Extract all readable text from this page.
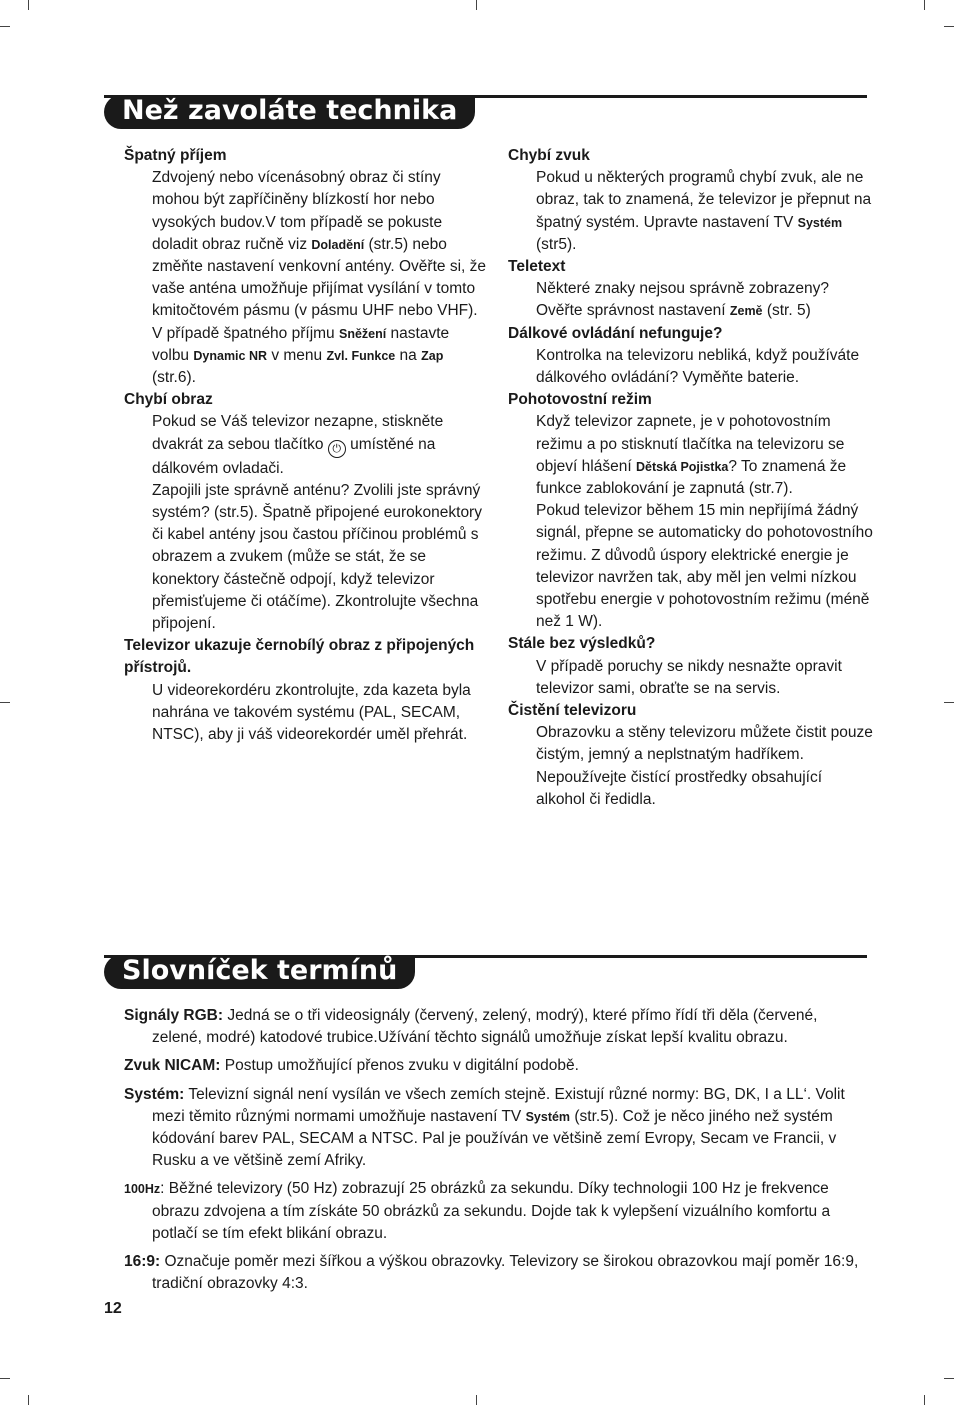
Než zavoláte technika
Špatný příjem
Zdvojený nebo vícenásobný obraz či stíny mohou být zapříčiněny blízkostí hor nebo vysokých budov.V tom případě se pokuste doladit obraz ručně viz Doladění (str.5) nebo změňte nastavení venkovní antény. Ověřte si, že vaše anténa umožňuje přijímat vysílání v tomto kmitočtovém pásmu (v pásmu UHF nebo VHF).
V případě špatného příjmu Sněžení nastavte volbu Dynamic NR v menu Zvl. Funkce na Zap (str.6).
Chybí obraz
Pokud se Váš televizor nezapne, stiskněte dvakrát za sebou tlačítko ⏻ umístěné na dálkovém ovladači.
Zapojili jste správně anténu? Zvolili jste správný systém? (str.5). Špatně připojené eurokonektory či kabel antény jsou častou příčinou problémů s obrazem a zvukem (může se stát, že se konektory částečně odpojí, když televizor přemisťujeme či otáčíme). Zkontrolujte všechna připojení.
Televizor ukazuje černobílý obraz z připojených přístrojů.
U videorekordéru zkontrolujte, zda kazeta byla nahrána ve takovém systému (PAL, SECAM, NTSC), aby ji váš videorekordér uměl přehrát.
Chybí zvuk
Pokud u některých programů chybí zvuk, ale ne obraz, tak to znamená, že televizor je přepnut na špatný systém. Upravte nastavení TV Systém (str5).
Teletext
Některé znaky nejsou správně zobrazeny? Ověřte správnost nastavení Země (str. 5)
Dálkové ovládání nefunguje?
Kontrolka na televizoru nebliká, když používáte dálkového ovládání? Vyměňte baterie.
Pohotovostní režim
Když televizor zapnete, je v pohotovostním režimu a po stisknutí tlačítka na televizoru se objeví hlášení Dětská Pojistka? To znamená že funkce zablokování je zapnutá (str.7).
Pokud televizor během 15 min nepřijímá žádný signál, přepne se automaticky do pohotovostního režimu. Z důvodů úspory elektrické energie je televizor navržen tak, aby měl jen velmi nízkou spotřebu energie v pohotovostním režimu (méně než 1 W).
Stále bez výsledků?
V případě poruchy se nikdy nesnažte opravit televizor sami, obraťte se na servis.
Čistění televizoru
Obrazovku a stěny televizoru můžete čistit pouze čistým, jemný a neplstnatým hadříkem. Nepoužívejte čistící prostředky obsahující alkohol či ředidla.
Slovníček termínů
Signály RGB: Jedná se o tři videosignály (červený, zelený, modrý), které přímo řídí tři děla (červené, zelené, modré) katodové trubice.Užívání těchto signálů umožňuje získat lepší kvalitu obrazu.
Zvuk NICAM: Postup umožňující přenos zvuku v digitální podobě.
Systém: Televizní signál není vysílán ve všech zemích stejně. Existují různé normy: BG, DK, I a LL‘. Volit mezi těmito různými normami umožňuje nastavení TV Systém (str.5). Což je něco jiného než systém kódování barev PAL, SECAM a NTSC. Pal je používán ve většině zemí Evropy, Secam ve Francii, v Rusku a ve většině zemí Afriky.
100Hz: Běžné televizory (50 Hz) zobrazují 25 obrázků za sekundu. Díky technologii 100 Hz je frekvence obrazu zdvojena a tím získáte 50 obrázků za sekundu. Dojde tak k vylepšení vizuálního komfortu a potlačí se tím efekt blikání obrazu.
16:9: Označuje poměr mezi šířkou a výškou obrazovky. Televizory se širokou obrazovkou mají poměr 16:9, tradiční obrazovky 4:3.
12
